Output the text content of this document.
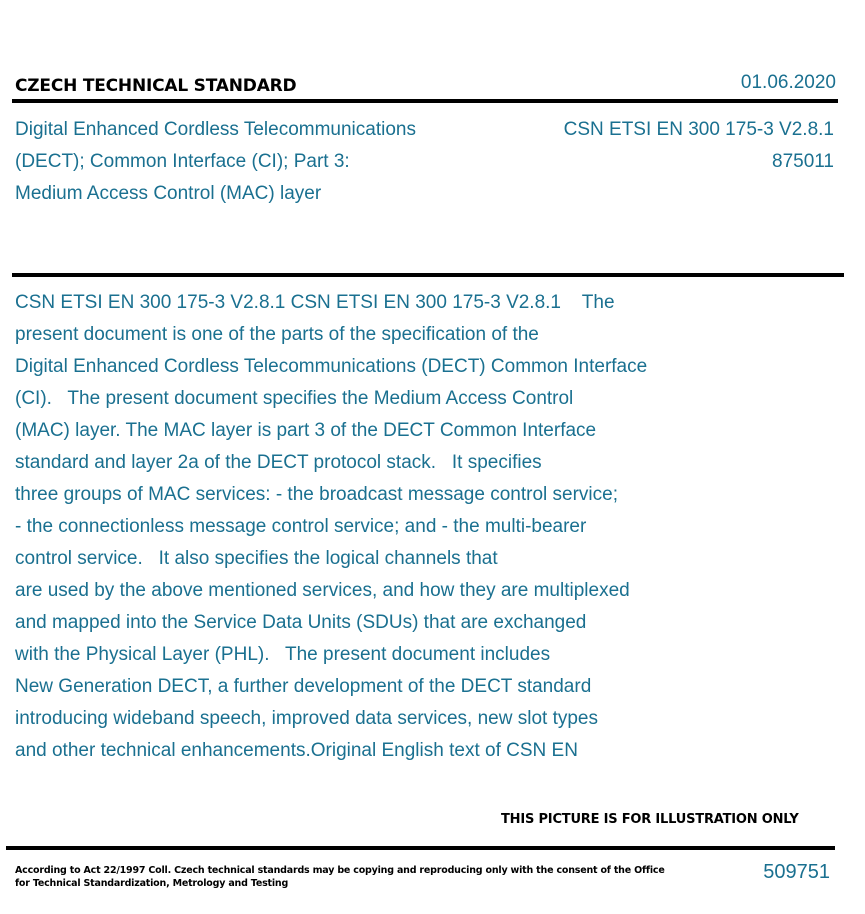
CZECH TECHNICAL STANDARD	01.06.2020
Digital Enhanced Cordless Telecommunications
(DECT); Common Interface (CI); Part 3:
Medium Access Control (MAC) layer
CSN ETSI EN 300 175-3 V2.8.1
875011
CSN ETSI EN 300 175-3 V2.8.1 CSN ETSI EN 300 175-3 V2.8.1    The
present document is one of the parts of the specification of the
Digital Enhanced Cordless Telecommunications (DECT) Common Interface
(CI).   The present document specifies the Medium Access Control
(MAC) layer. The MAC layer is part 3 of the DECT Common Interface
standard and layer 2a of the DECT protocol stack.   It specifies
three groups of MAC services: - the broadcast message control service;
- the connectionless message control service; and - the multi-bearer
control service.   It also specifies the logical channels that
are used by the above mentioned services, and how they are multiplexed
and mapped into the Service Data Units (SDUs) that are exchanged
with the Physical Layer (PHL).   The present document includes
New Generation DECT, a further development of the DECT standard
introducing wideband speech, improved data services, new slot types
and other technical enhancements.Original English text of CSN EN
THIS PICTURE IS FOR ILLUSTRATION ONLY
According to Act 22/1997 Coll. Czech technical standards may be copying and reproducing only with the consent of the Office
for Technical Standardization, Metrology and Testing
509751
